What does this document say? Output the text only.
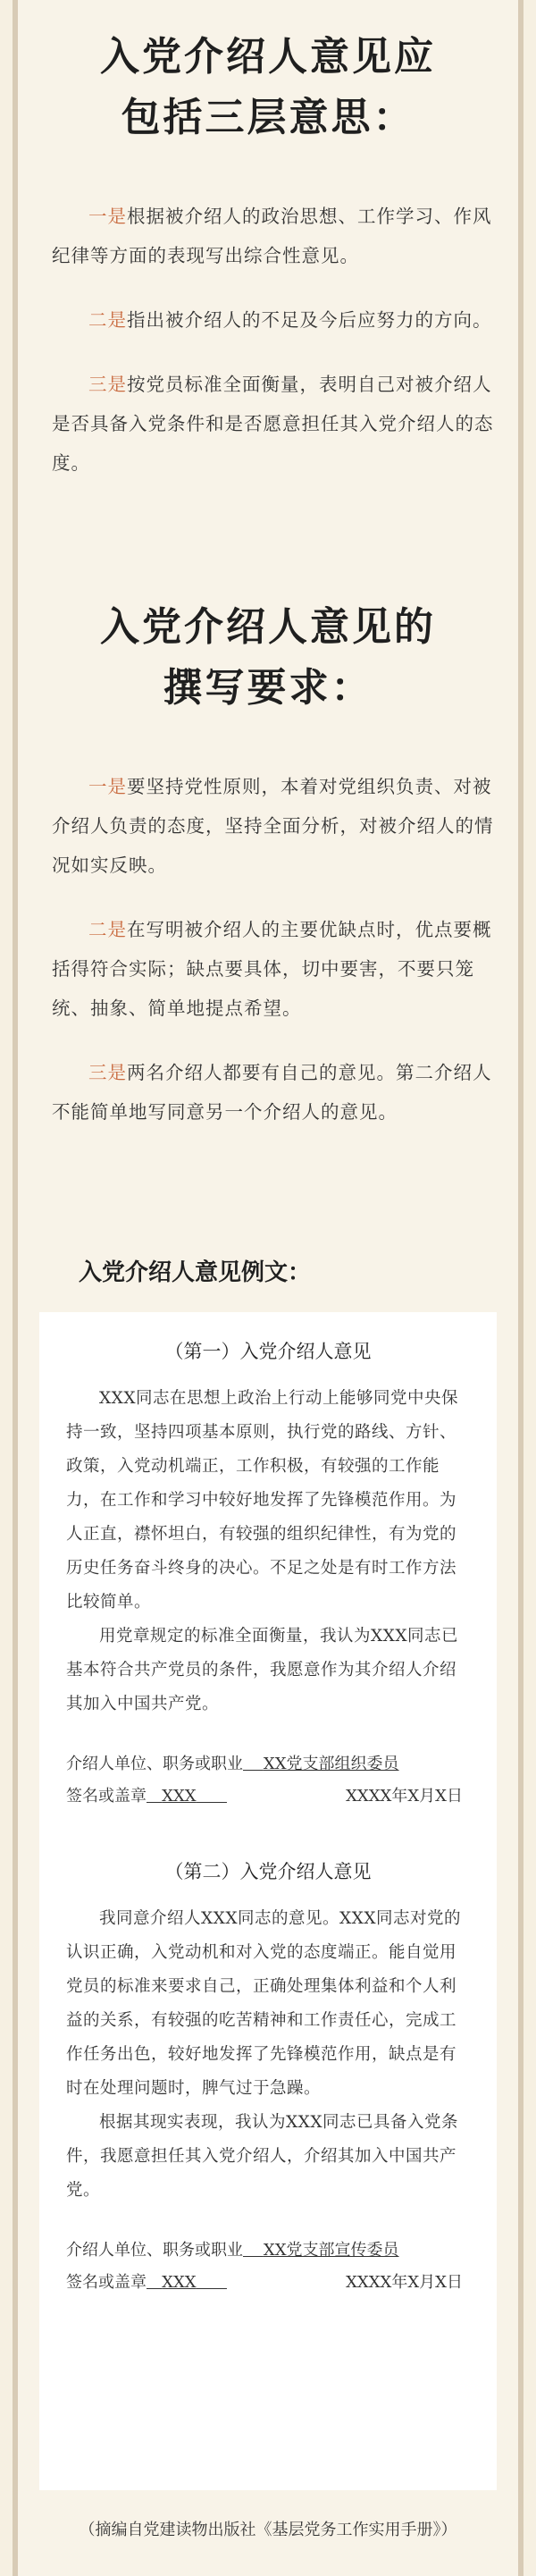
入党介绍人意见应
包括三层意思：

一是根据被介绍人的政治思想、工作学习、作风纪律等方面的表现写出综合性意见。

二是指出被介绍人的不足及今后应努力的方向。

三是按党员标准全面衡量，表明自己对被介绍人是否具备入党条件和是否愿意担任其入党介绍人的态度。

入党介绍人意见的
撰写要求：

一是要坚持党性原则，本着对党组织负责、对被介绍人负责的态度，坚持全面分析，对被介绍人的情况如实反映。

二是在写明被介绍人的主要优缺点时，优点要概括得符合实际；缺点要具体，切中要害，不要只笼统、抽象、简单地提点希望。

三是两名介绍人都要有自己的意见。第二介绍人不能简单地写同意另一个介绍人的意见。

入党介绍人意见例文：
（第一）入党介绍人意见

XXX同志在思想上政治上行动上能够同党中央保持一致，坚持四项基本原则，执行党的路线、方针、政策，入党动机端正，工作积极，有较强的工作能力，在工作和学习中较好地发挥了先锋模范作用。为人正直，襟怀坦白，有较强的组织纪律性，有为党的历史任务奋斗终身的决心。不足之处是有时工作方法比较简单。

用党章规定的标准全面衡量，我认为XXX同志已基本符合共产党员的条件，我愿意作为其介绍人介绍其加入中国共产党。

介绍人单位、职务或职业 XX党支部组织委员
签名或盖章 XXX	XXXX年X月X日
（第二）入党介绍人意见

我同意介绍人XXX同志的意见。XXX同志对党的认识正确，入党动机和对入党的态度端正。能自觉用党员的标准来要求自己，正确处理集体利益和个人利益的关系，有较强的吃苦精神和工作责任心，完成工作任务出色，较好地发挥了先锋模范作用，缺点是有时在处理问题时，脾气过于急躁。

根据其现实表现，我认为XXX同志已具备入党条件，我愿意担任其入党介绍人，介绍其加入中国共产党。

介绍人单位、职务或职业 XX党支部宣传委员
签名或盖章 XXX	XXXX年X月X日

（摘编自党建读物出版社《基层党务工作实用手册》）
